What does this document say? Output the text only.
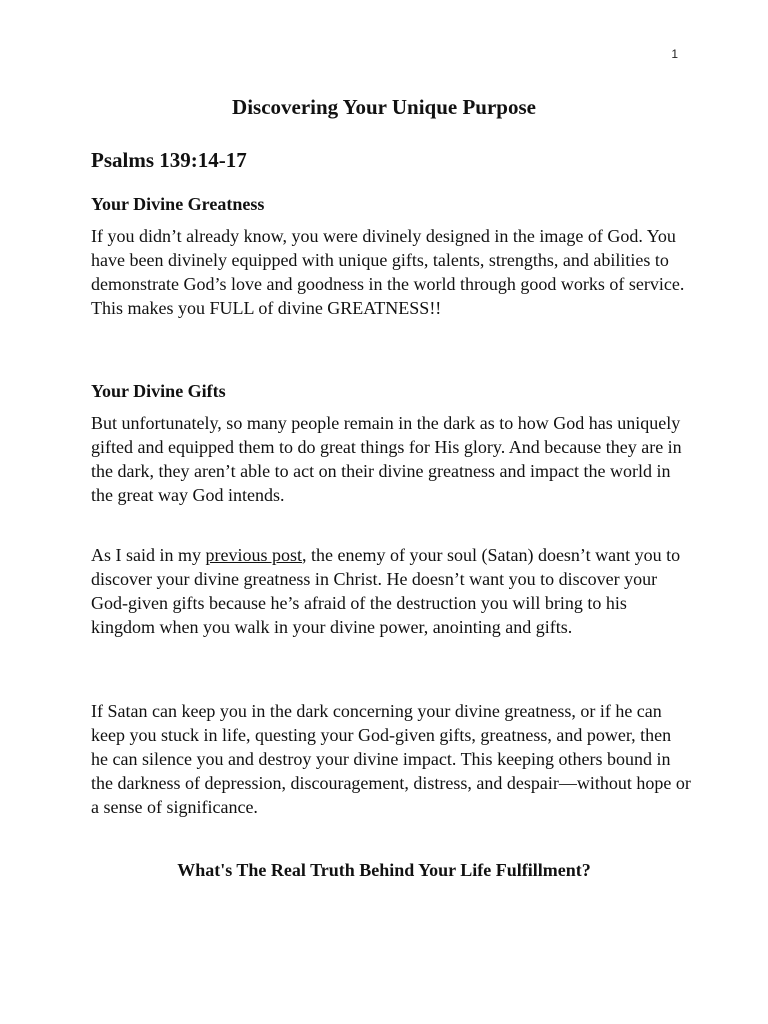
1
Discovering Your Unique Purpose
Psalms 139:14-17
Your Divine Greatness

If you didn’t already know, you were divinely designed in the image of God. You have been divinely equipped with unique gifts, talents, strengths, and abilities to demonstrate God’s love and goodness in the world through good works of service. This makes you FULL of divine GREATNESS!!

Your Divine Gifts

But unfortunately, so many people remain in the dark as to how God has uniquely gifted and equipped them to do great things for His glory. And because they are in the dark, they aren’t able to act on their divine greatness and impact the world in the great way God intends.

As I said in my previous post, the enemy of your soul (Satan) doesn’t want you to discover your divine greatness in Christ. He doesn’t want you to discover your God-given gifts because he’s afraid of the destruction you will bring to his kingdom when you walk in your divine power, anointing and gifts.

If Satan can keep you in the dark concerning your divine greatness, or if he can keep you stuck in life, questing your God-given gifts, greatness, and power, then he can silence you and destroy your divine impact. This keeping others bound in the darkness of depression, discouragement, distress, and despair—without hope or a sense of significance.

What's The Real Truth Behind Your Life Fulfillment?
